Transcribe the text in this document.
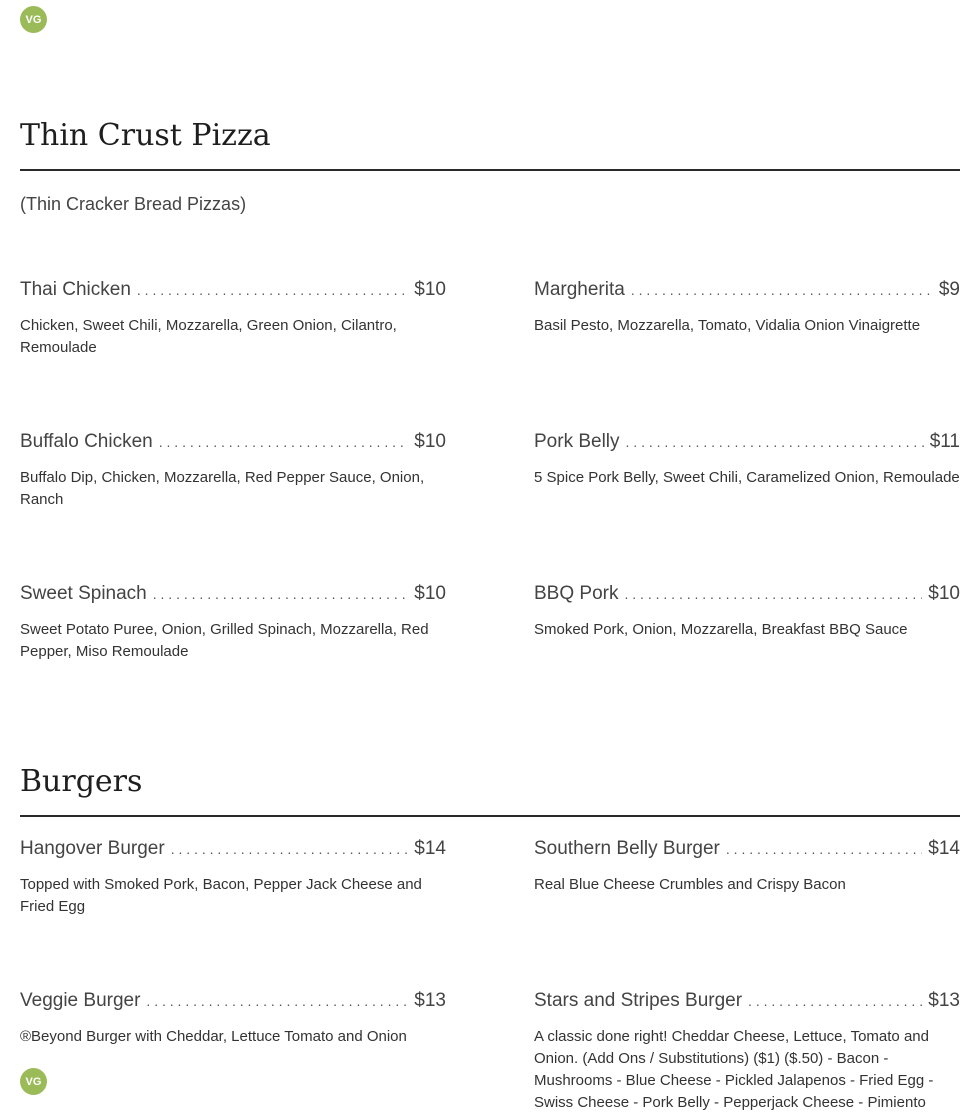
VG
Thin Crust Pizza
(Thin Cracker Bread Pizzas)
Thai Chicken . . .	$10
Chicken, Sweet Chili, Mozzarella, Green Onion, Cilantro, Remoulade
Margherita . . .	$9
Basil Pesto, Mozzarella, Tomato, Vidalia Onion Vinaigrette
Buffalo Chicken . . .	$10
Buffalo Dip, Chicken, Mozzarella, Red Pepper Sauce, Onion, Ranch
Pork Belly . . .	$11
5 Spice Pork Belly, Sweet Chili, Caramelized Onion, Remoulade
Sweet Spinach . . .	$10
Sweet Potato Puree, Onion, Grilled Spinach, Mozzarella, Red Pepper, Miso Remoulade
BBQ Pork . . .	$10
Smoked Pork, Onion, Mozzarella, Breakfast BBQ Sauce
Burgers
Hangover Burger . . .	$14
Topped with Smoked Pork, Bacon, Pepper Jack Cheese and Fried Egg
Southern Belly Burger . . .	$14
Real Blue Cheese Crumbles and Crispy Bacon
Veggie Burger . . .	$13
®Beyond Burger with Cheddar, Lettuce Tomato and Onion
VG
Stars and Stripes Burger . . .	$13
A classic done right! Cheddar Cheese, Lettuce, Tomato and Onion. (Add Ons / Substitutions) ($1) ($.50) - Bacon - Mushrooms - Blue Cheese - Pickled Jalapenos - Fried Egg - Swiss Cheese - Pork Belly - Pepperjack Cheese - Pimiento
